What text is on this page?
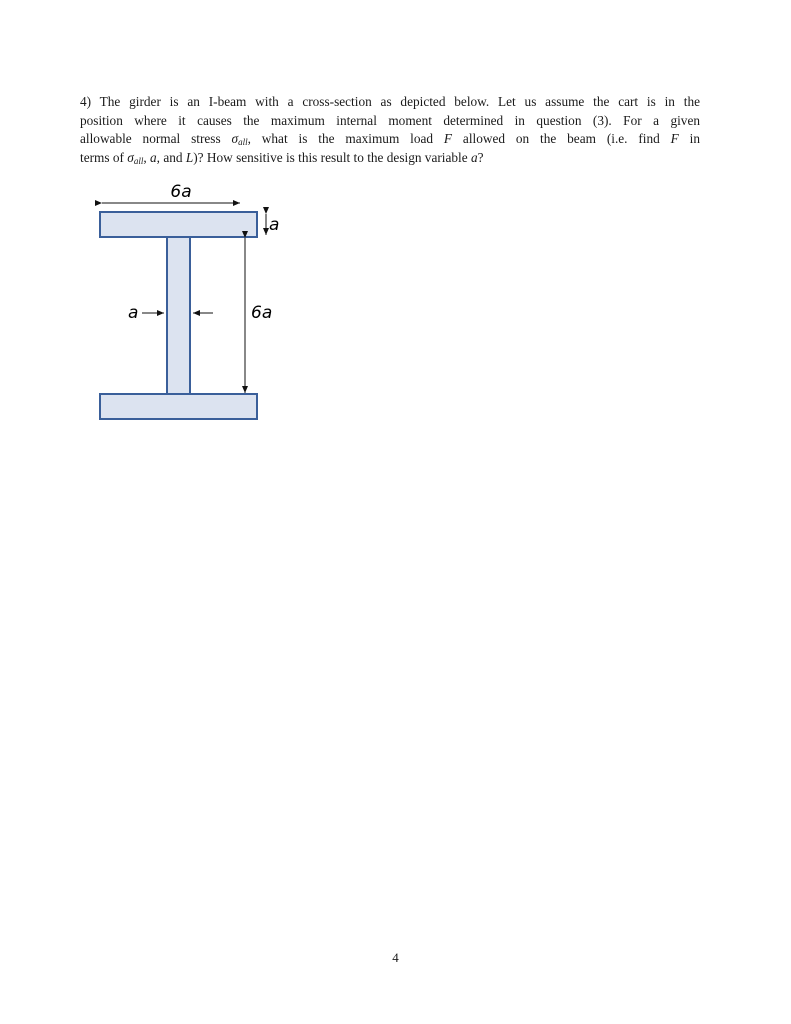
4) The girder is an I-beam with a cross-section as depicted below. Let us assume the cart is in the
position where it causes the maximum internal moment determined in question (3). For a given
allowable normal stress $\sigma_{all}$, what is the maximum load F allowed on the beam (i.e. find F in
terms of $\sigma_{all}$, a, and L)? How sensitive is this result to the design variable a?
6a
a
6a
a
4
